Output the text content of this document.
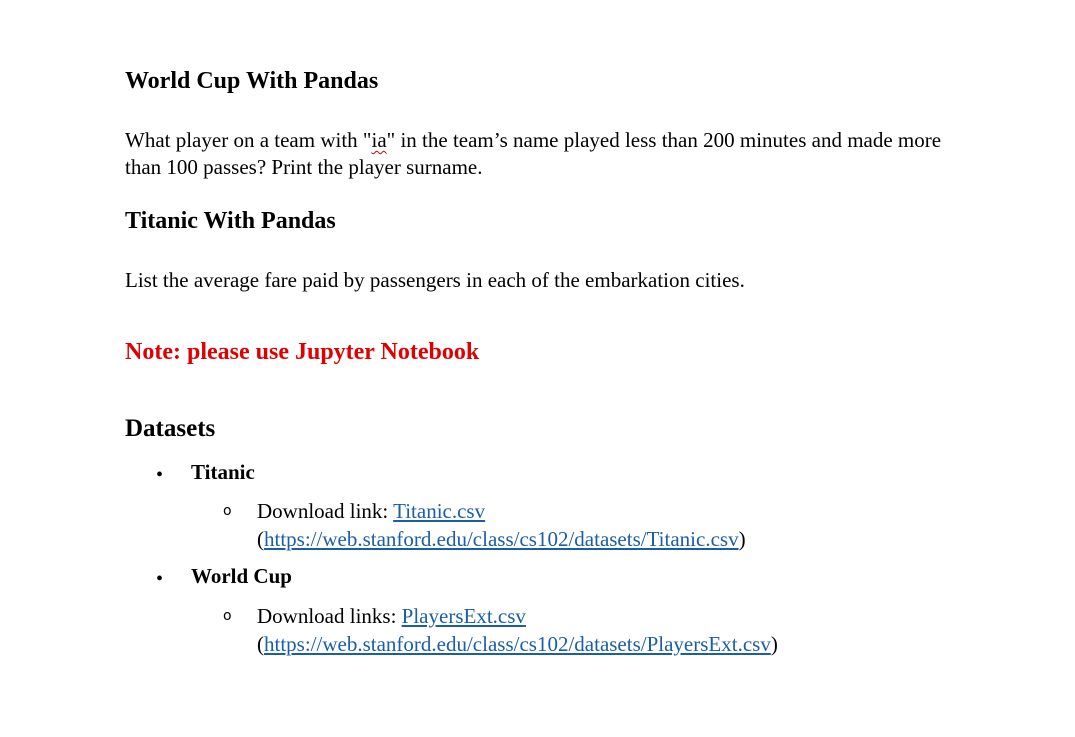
World Cup With Pandas

What player on a team with "ia" in the team’s name played less than 200 minutes and made more than 100 passes? Print the player surname.

Titanic With Pandas

List the average fare paid by passengers in each of the embarkation cities.

Note: please use Jupyter Notebook
Datasets
• Titanic
o Download link: Titanic.csv
(https://web.stanford.edu/class/cs102/datasets/Titanic.csv)
• World Cup
o Download links: PlayersExt.csv
(https://web.stanford.edu/class/cs102/datasets/PlayersExt.csv)
